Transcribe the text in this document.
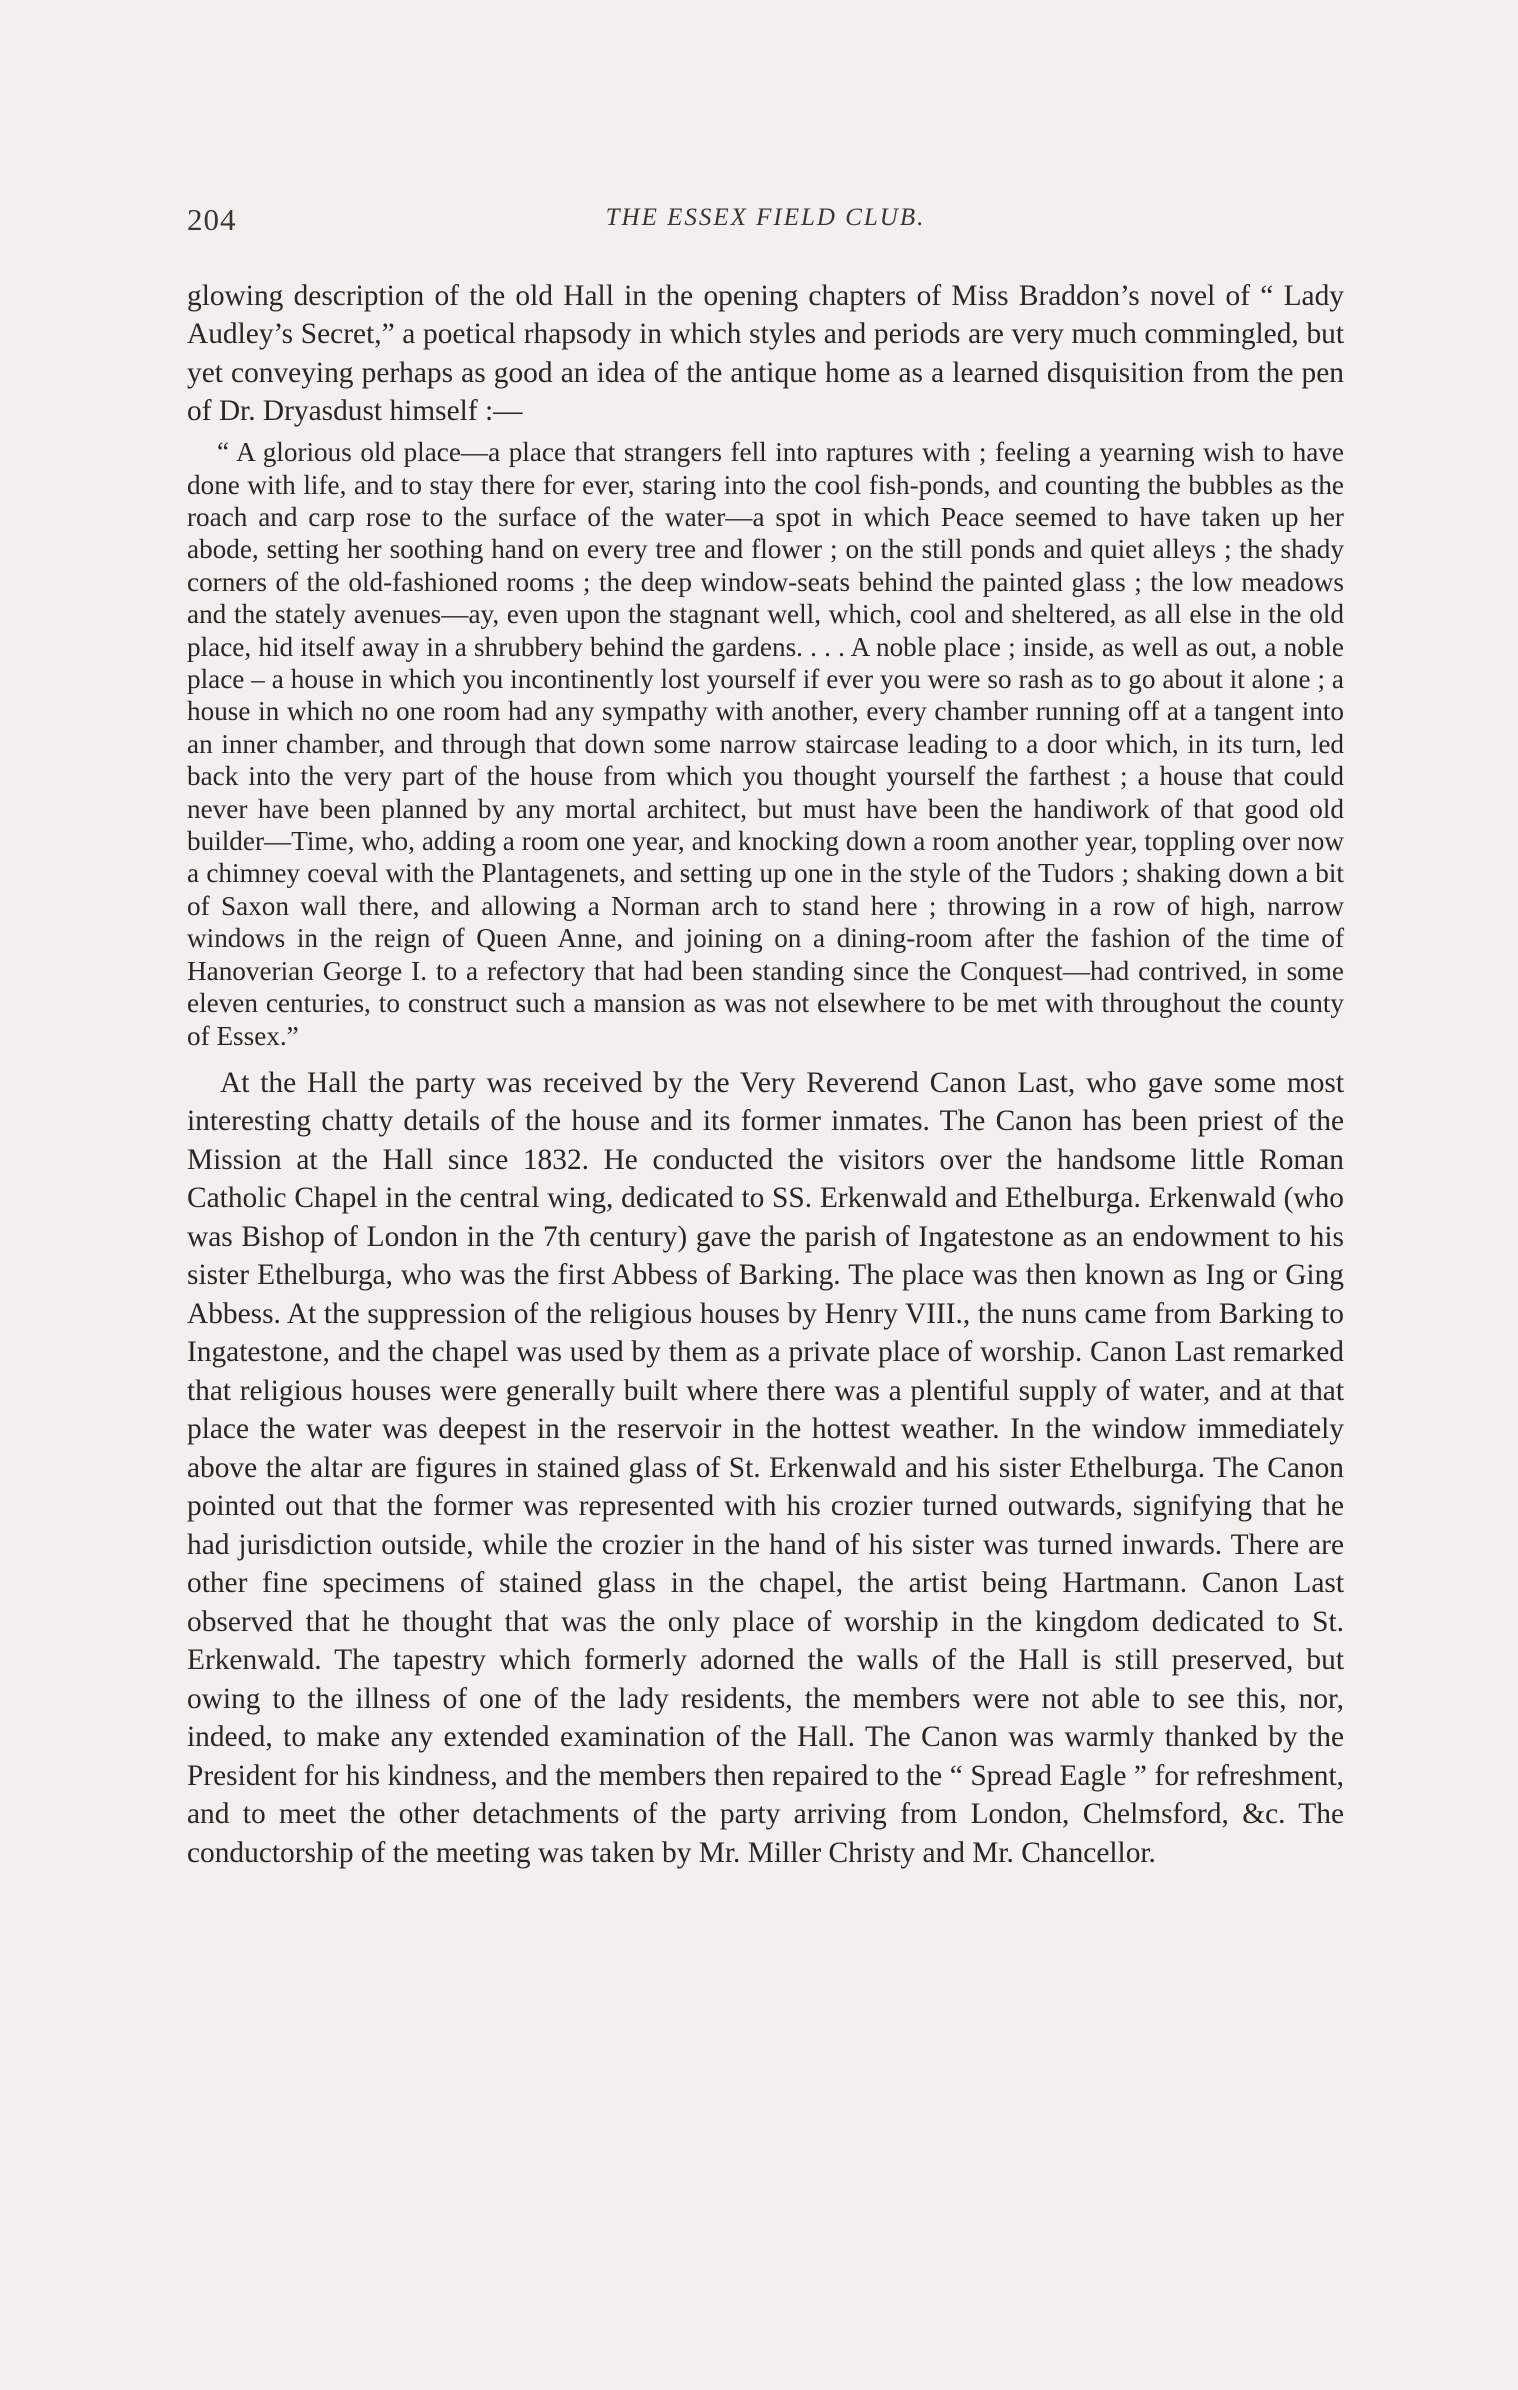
204	THE ESSEX FIELD CLUB.

glowing description of the old Hall in the opening chapters of Miss Braddon’s novel of “ Lady Audley’s Secret,” a poetical rhapsody in which styles and periods are very much commingled, but yet conveying perhaps as good an idea of the antique home as a learned disquisition from the pen of Dr. Dryasdust himself :—

“ A glorious old place—a place that strangers fell into raptures with ; feeling a yearning wish to have done with life, and to stay there for ever, staring into the cool fish-ponds, and counting the bubbles as the roach and carp rose to the surface of the water—a spot in which Peace seemed to have taken up her abode, setting her soothing hand on every tree and flower ; on the still ponds and quiet alleys ; the shady corners of the old-fashioned rooms ; the deep window-seats behind the painted glass ; the low meadows and the stately avenues—ay, even upon the stagnant well, which, cool and sheltered, as all else in the old place, hid itself away in a shrubbery behind the gardens. . . . A noble place ; inside, as well as out, a noble place – a house in which you incontinently lost yourself if ever you were so rash as to go about it alone ; a house in which no one room had any sympathy with another, every chamber running off at a tangent into an inner chamber, and through that down some narrow staircase leading to a door which, in its turn, led back into the very part of the house from which you thought yourself the farthest ; a house that could never have been planned by any mortal architect, but must have been the handiwork of that good old builder—Time, who, adding a room one year, and knocking down a room another year, toppling over now a chimney coeval with the Plantagenets, and setting up one in the style of the Tudors ; shaking down a bit of Saxon wall there, and allowing a Norman arch to stand here ; throwing in a row of high, narrow windows in the reign of Queen Anne, and joining on a dining-room after the fashion of the time of Hanoverian George I. to a refectory that had been standing since the Conquest—had contrived, in some eleven centuries, to construct such a mansion as was not elsewhere to be met with throughout the county of Essex.”

At the Hall the party was received by the Very Reverend Canon Last, who gave some most interesting chatty details of the house and its former inmates. The Canon has been priest of the Mission at the Hall since 1832. He conducted the visitors over the handsome little Roman Catholic Chapel in the central wing, dedicated to SS. Erkenwald and Ethelburga. Erkenwald (who was Bishop of London in the 7th century) gave the parish of Ingatestone as an endowment to his sister Ethelburga, who was the first Abbess of Barking. The place was then known as Ing or Ging Abbess. At the suppression of the religious houses by Henry VIII., the nuns came from Barking to Ingatestone, and the chapel was used by them as a private place of worship. Canon Last remarked that religious houses were generally built where there was a plentiful supply of water, and at that place the water was deepest in the reservoir in the hottest weather. In the window immediately above the altar are figures in stained glass of St. Erkenwald and his sister Ethelburga. The Canon pointed out that the former was represented with his crozier turned outwards, signifying that he had jurisdiction outside, while the crozier in the hand of his sister was turned inwards. There are other fine specimens of stained glass in the chapel, the artist being Hartmann. Canon Last observed that he thought that was the only place of worship in the kingdom dedicated to St. Erkenwald. The tapestry which formerly adorned the walls of the Hall is still preserved, but owing to the illness of one of the lady residents, the members were not able to see this, nor, indeed, to make any extended examination of the Hall. The Canon was warmly thanked by the President for his kindness, and the members then repaired to the “ Spread Eagle ” for refreshment, and to meet the other detachments of the party arriving from London, Chelmsford, &c. The conductorship of the meeting was taken by Mr. Miller Christy and Mr. Chancellor.
